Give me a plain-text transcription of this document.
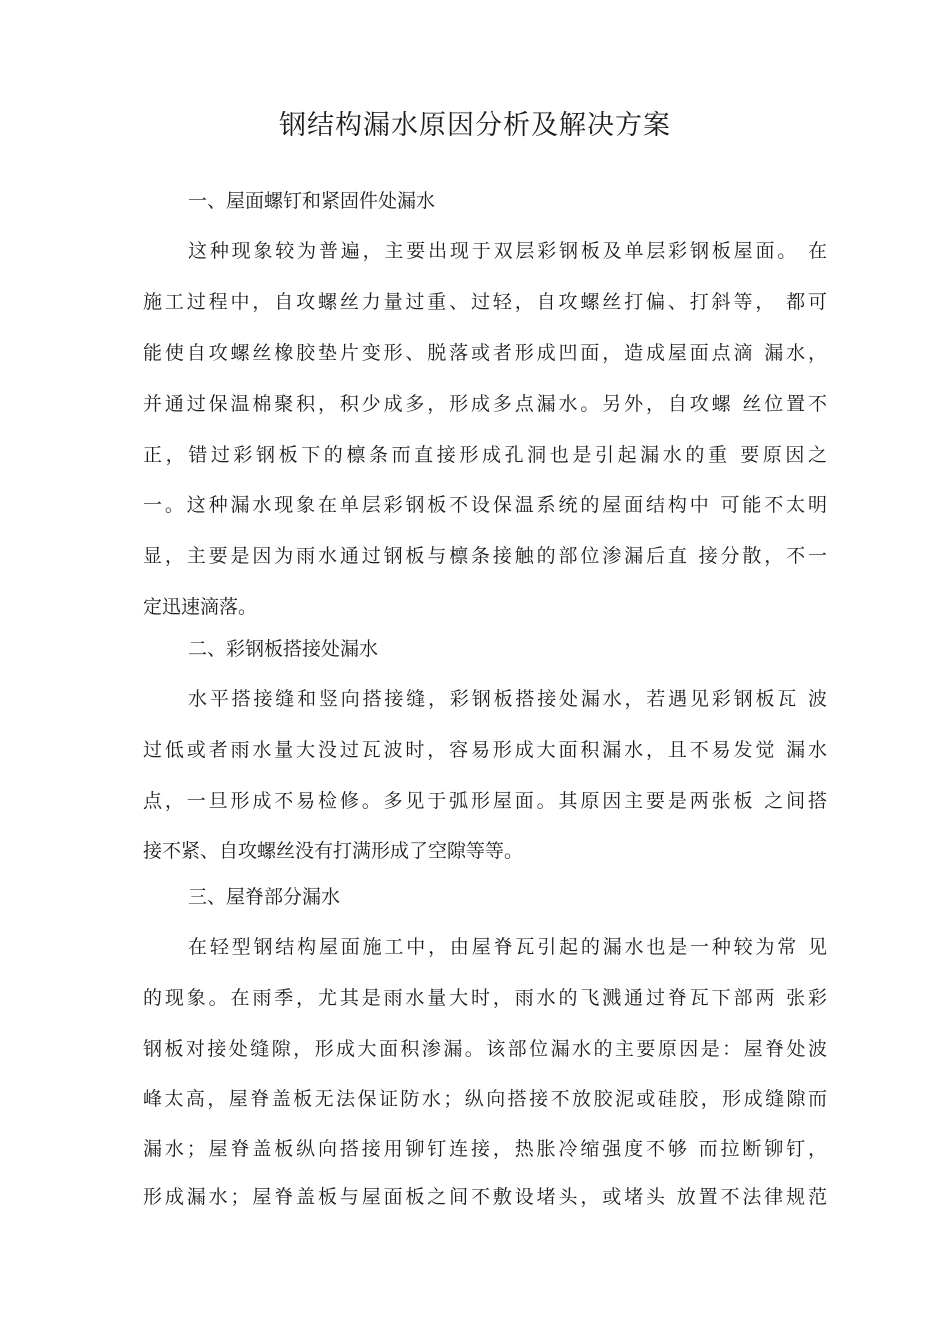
钢结构漏水原因分析及解决方案
一、屋面螺钉和紧固件处漏水
这种现象较为普遍，主要出现于双层彩钢板及单层彩钢板屋面。 在
施工过程中，自攻螺丝力量过重、过轻，自攻螺丝打偏、打斜等， 都可
能使自攻螺丝橡胶垫片变形、脱落或者形成凹面，造成屋面点滴 漏水，
并通过保温棉聚积，积少成多，形成多点漏水。另外，自攻螺 丝位置不
正，错过彩钢板下的檩条而直接形成孔洞也是引起漏水的重 要原因之
一。这种漏水现象在单层彩钢板不设保温系统的屋面结构中 可能不太明
显，主要是因为雨水通过钢板与檩条接触的部位渗漏后直 接分散，不一
定迅速滴落。
二、彩钢板搭接处漏水
水平搭接缝和竖向搭接缝，彩钢板搭接处漏水，若遇见彩钢板瓦 波
过低或者雨水量大没过瓦波时，容易形成大面积漏水，且不易发觉 漏水
点，一旦形成不易检修。多见于弧形屋面。其原因主要是两张板 之间搭
接不紧、自攻螺丝没有打满形成了空隙等等。
三、屋脊部分漏水
在轻型钢结构屋面施工中，由屋脊瓦引起的漏水也是一种较为常 见
的现象。在雨季，尤其是雨水量大时，雨水的飞溅通过脊瓦下部两 张彩
钢板对接处缝隙，形成大面积渗漏。该部位漏水的主要原因是：屋脊处波
峰太高，屋脊盖板无法保证防水；纵向搭接不放胶泥或硅胶，形成缝隙而
漏水；屋脊盖板纵向搭接用铆钉连接，热胀冷缩强度不够 而拉断铆钉，
形成漏水；屋脊盖板与屋面板之间不敷设堵头，或堵头 放置不法律规范
